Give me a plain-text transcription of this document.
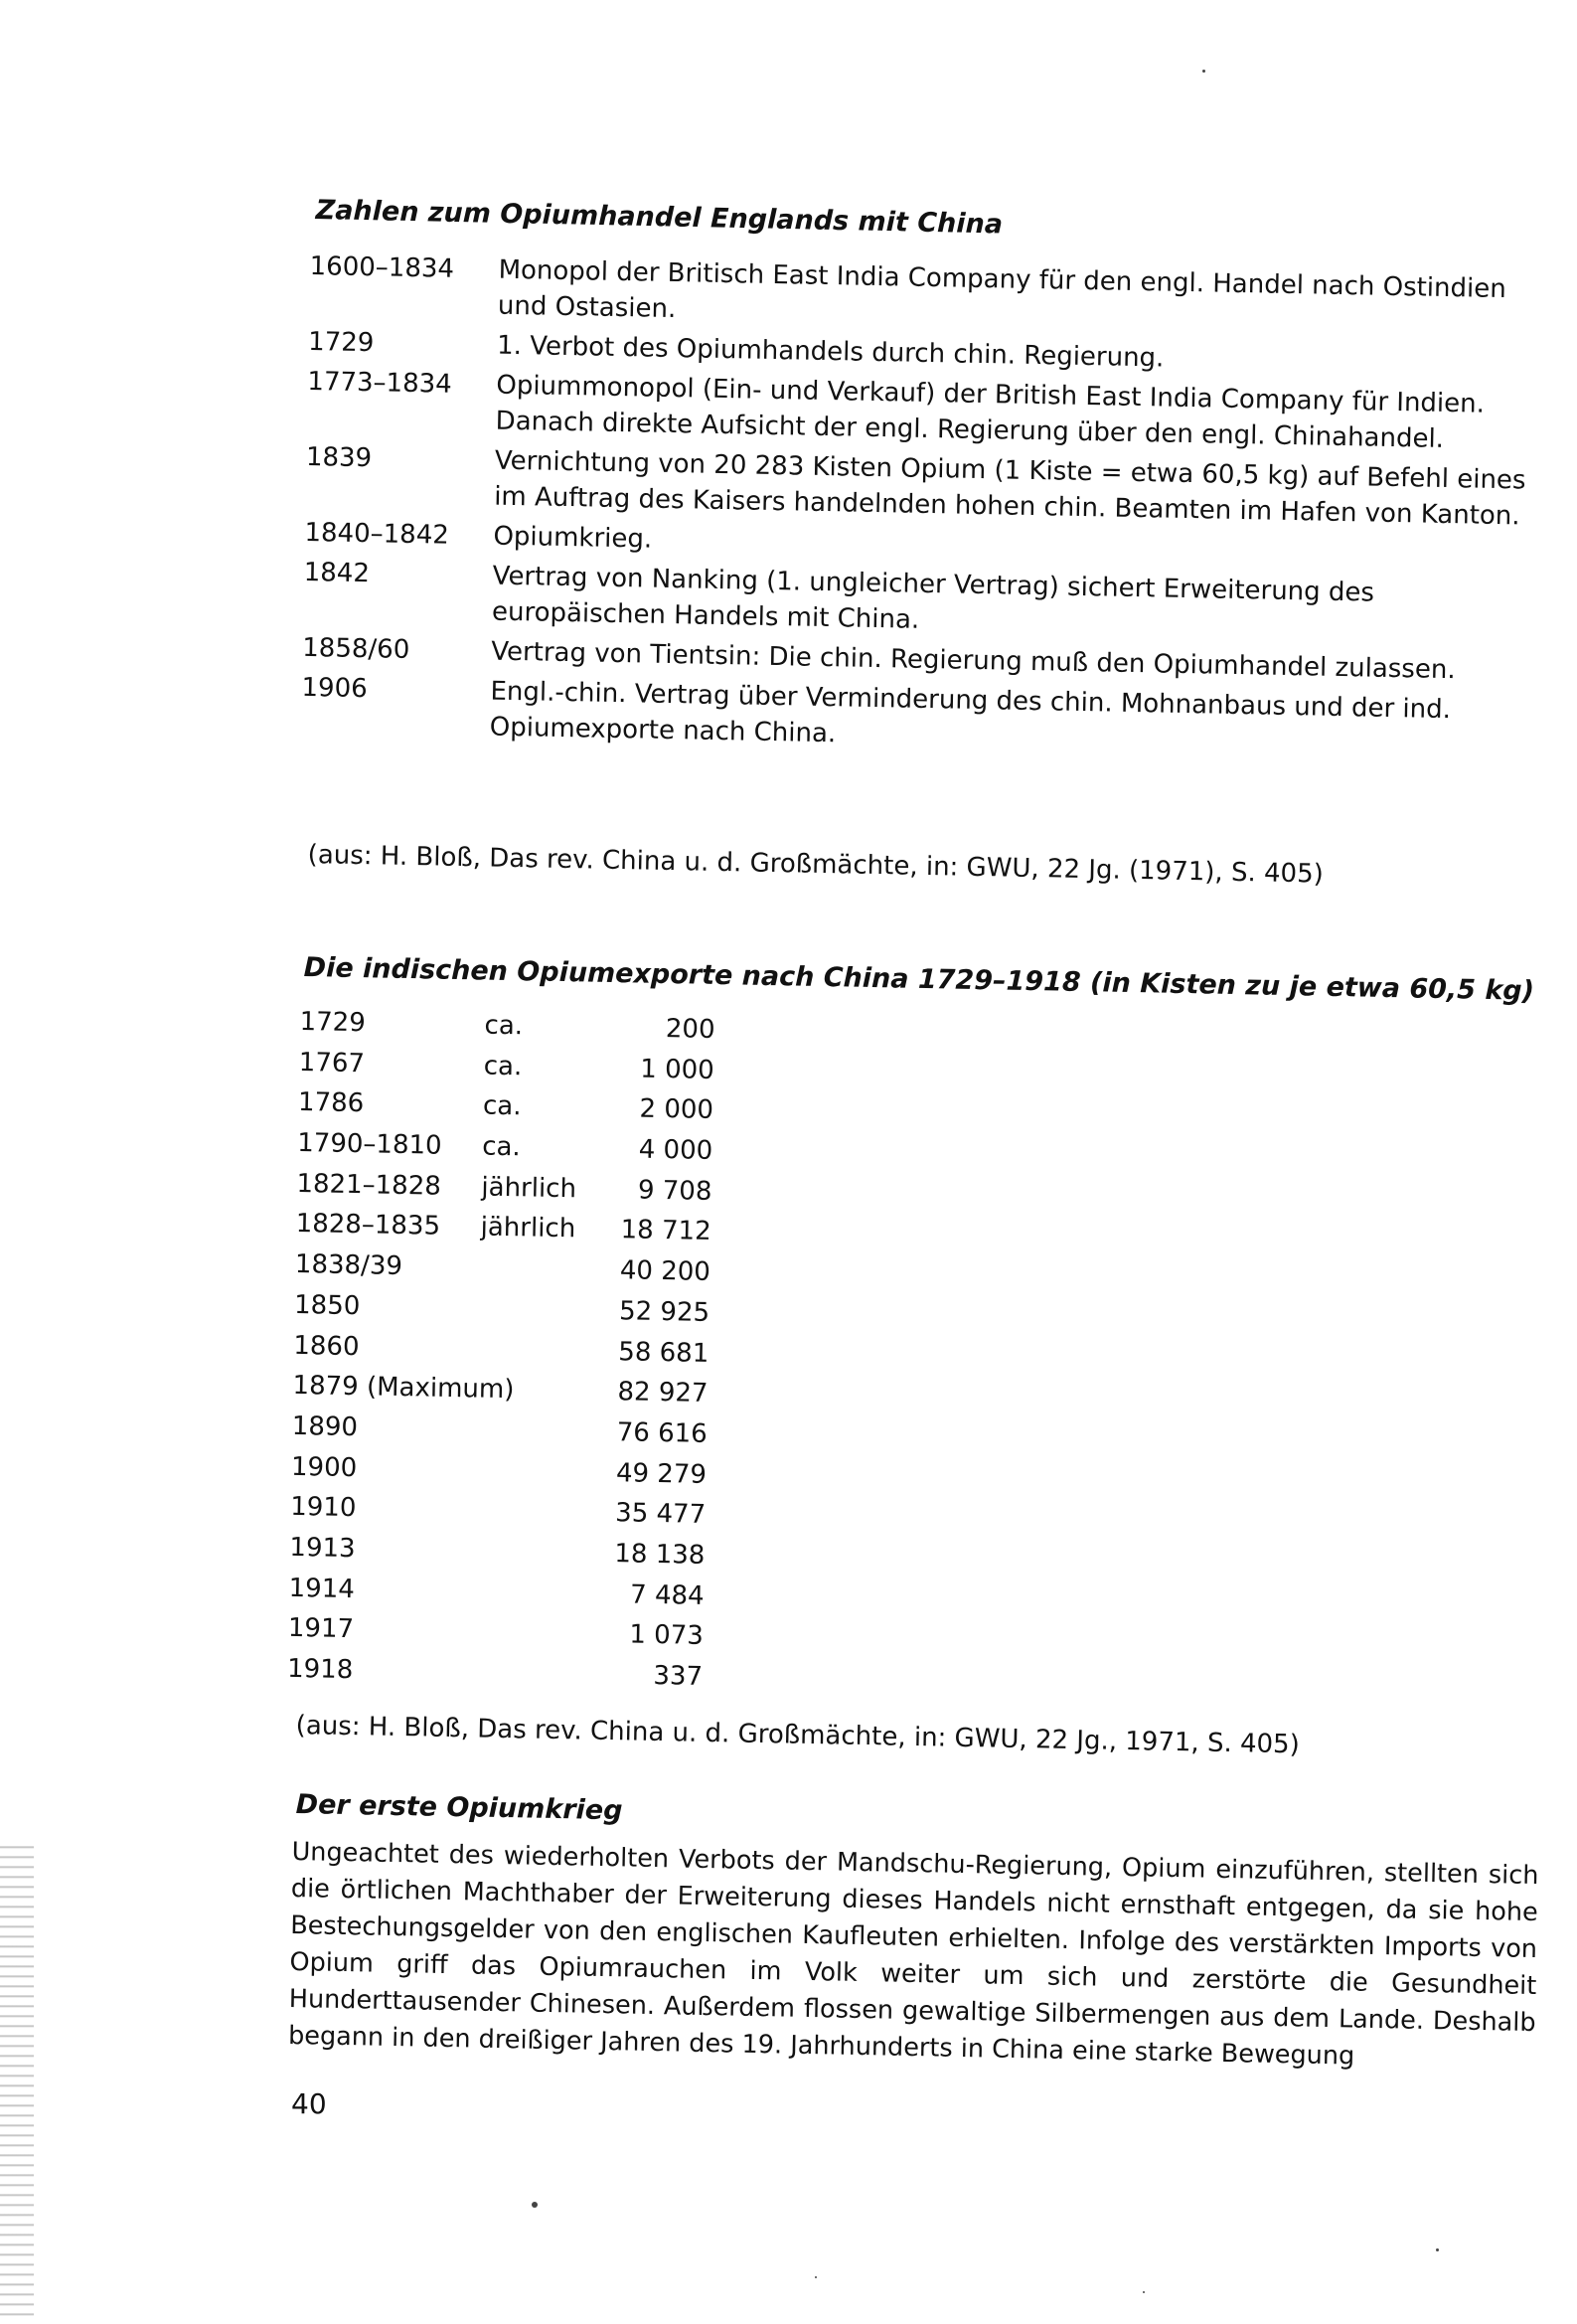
Zahlen zum Opiumhandel Englands mit China
1600–1834	Monopol der Britisch East India Company für den engl. Handel nach Ostindien und Ostasien.
1729	1. Verbot des Opiumhandels durch chin. Regierung.
1773–1834	Opiummonopol (Ein- und Verkauf) der British East India Company für Indien. Danach direkte Aufsicht der engl. Regierung über den engl. Chinahandel.
1839	Vernichtung von 20 283 Kisten Opium (1 Kiste = etwa 60,5 kg) auf Befehl eines im Auftrag des Kaisers handelnden hohen chin. Beamten im Hafen von Kanton.
1840–1842	Opiumkrieg.
1842	Vertrag von Nanking (1. ungleicher Vertrag) sichert Erweiterung des europäischen Handels mit China.
1858/60	Vertrag von Tientsin: Die chin. Regierung muß den Opiumhandel zulassen.
1906	Engl.-chin. Vertrag über Verminderung des chin. Mohnanbaus und der ind. Opiumexporte nach China.
(aus: H. Bloß, Das rev. China u. d. Großmächte, in: GWU, 22 Jg. (1971), S. 405)
Die indischen Opiumexporte nach China 1729–1918 (in Kisten zu je etwa 60,5 kg)
1729	ca.	200
1767	ca.	1 000
1786	ca.	2 000
1790–1810 ca.	4 000
1821–1828 jährlich	9 708
1828–1835 jährlich	18 712
1838/39	40 200
1850	52 925
1860	58 681
1879 (Maximum)	82 927
1890	76 616
1900	49 279
1910	35 477
1913	18 138
1914	7 484
1917	1 073
1918	337
(aus: H. Bloß, Das rev. China u. d. Großmächte, in: GWU, 22 Jg., 1971, S. 405)
Der erste Opiumkrieg
Ungeachtet des wiederholten Verbots der Mandschu-Regierung, Opium einzuführen, stellten sich die örtlichen Machthaber der Erweiterung dieses Handels nicht ernsthaft entgegen, da sie hohe Bestechungsgelder von den englischen Kaufleuten erhielten. Infolge des verstärkten Imports von Opium griff das Opiumrauchen im Volk weiter um sich und zerstörte die Gesundheit Hunderttausender Chinesen. Außerdem flossen gewaltige Silbermengen aus dem Lande. Deshalb begann in den dreißiger Jahren des 19. Jahrhunderts in China eine starke Bewegung
40
